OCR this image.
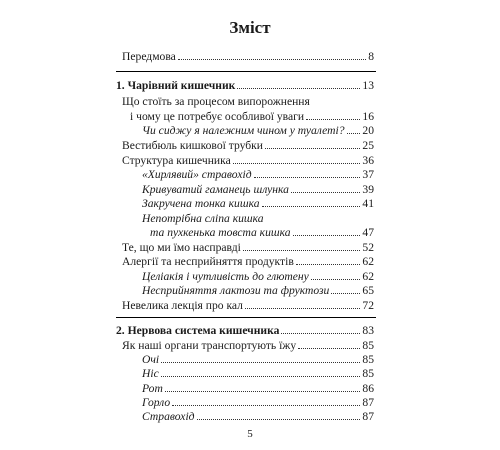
Зміст
Передмова	8
1. Чарівний кишечник	13
Що стоїть за процесом випорожнення
і чому це потребує особливої уваги	16
Чи сиджу я належним чином у туалеті? 20
Вестибюль кишкової трубки	25
Структура кишечника	36
«Хирлявий» стравохід	37
Кривуватий гаманець шлунка	39
Закручена тонка кишка	41
Непотрібна сліпа кишка
та пухкенька товста кишка	47
Те, що ми їмо насправді	52
Алергії та несприйняття продуктів	62
Целіакія і чутливість до глютену	62
Несприйняття лактози та фруктози	65
Невелика лекція про кал	72
2. Нервова система кишечника	83
Як наші органи транспортують їжу	85
Очі	85
Ніс	85
Рот	86
Горло	87
Стравохід	87
5
